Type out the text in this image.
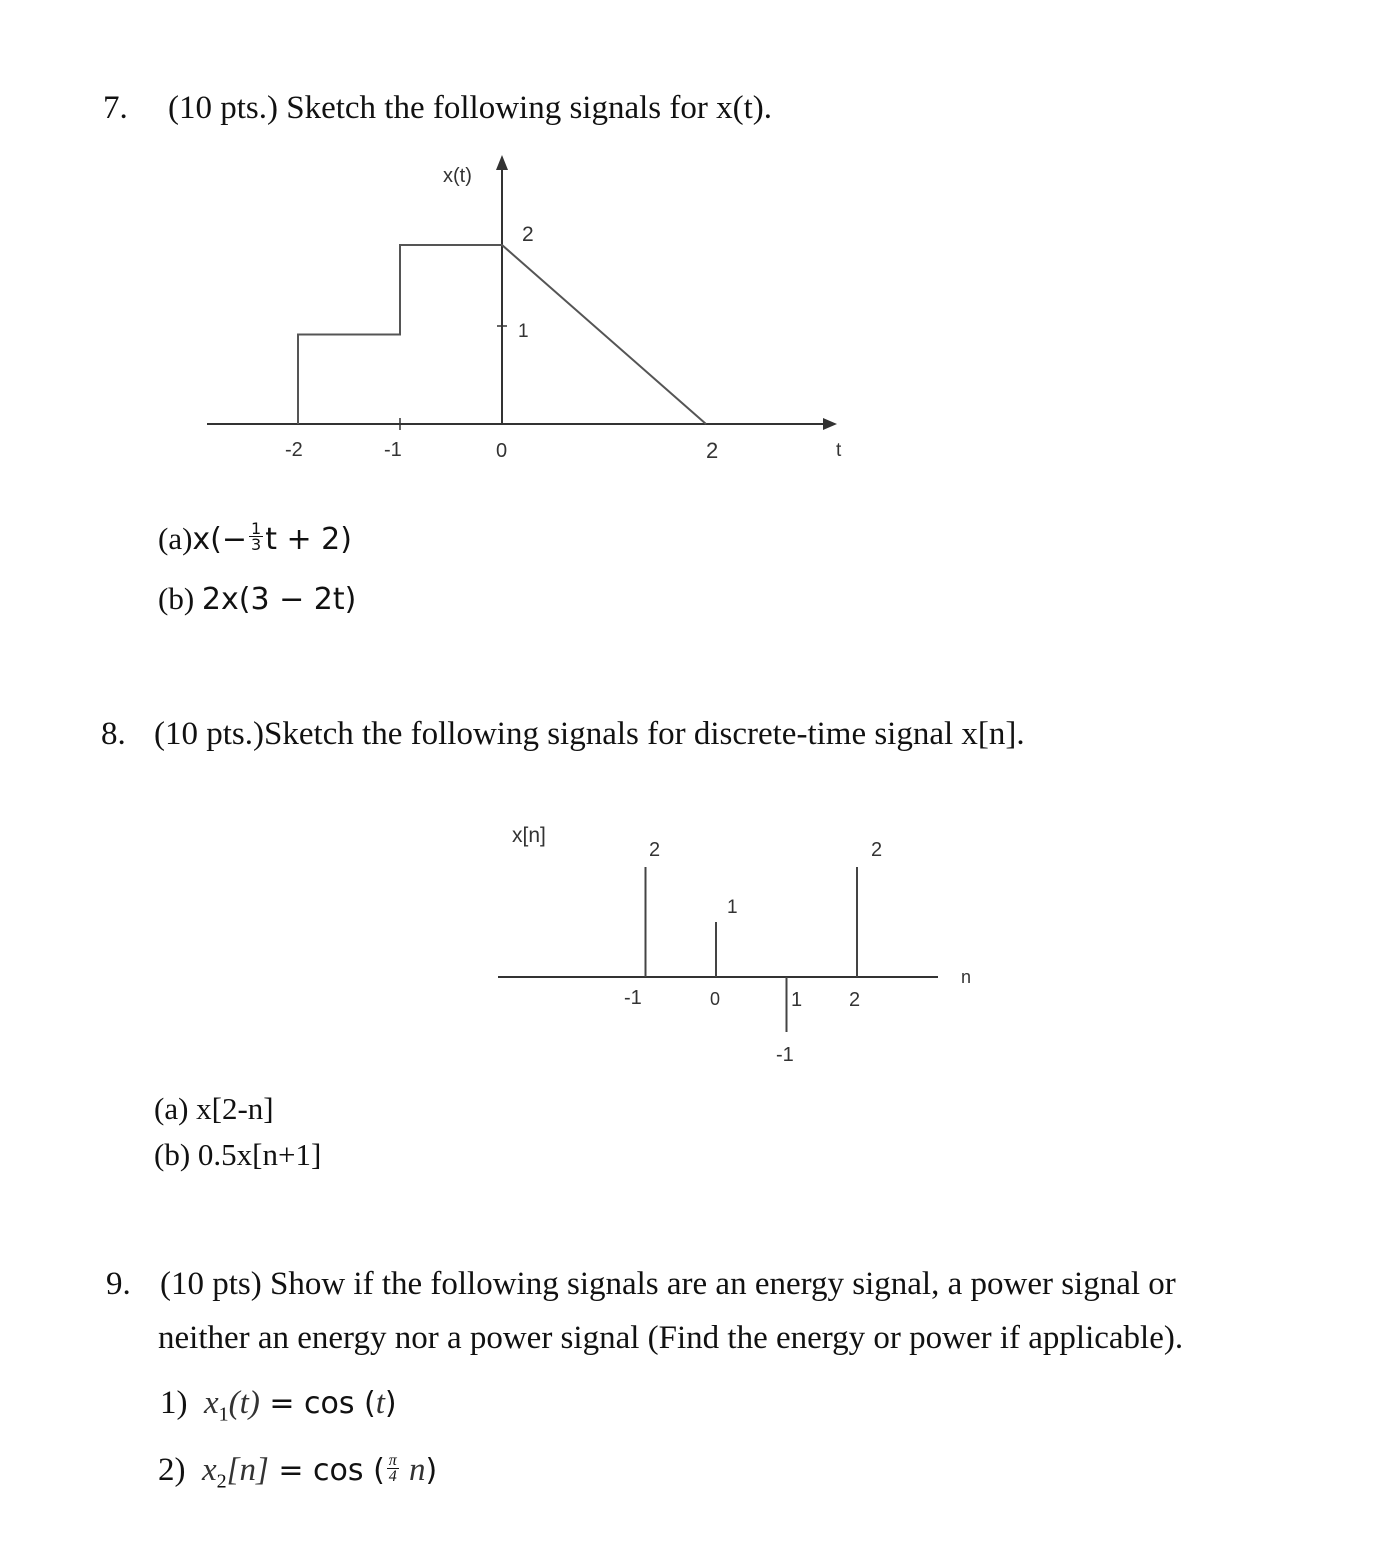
7. (10 pts.) Sketch the following signals for x(t).
x(t)
t
2
1
-2	-1	0	2
$(a)x(- \frac{1}{3}$ t + 2)
(b) 2x(3 − 2t)
8. (10 pts.)Sketch the following signals for discrete-time signal x[n].
x[n]
n
2
1
-1
2
-1	0	1 2
(a) x[2-n]
(b) 0.5x[n+1]
9. (10 pts) Show if the following signals are an energy signal, a power signal or
neither an energy nor a power signal (Find the energy or power if applicable).
1) $x_1(t) = \cos (t)$
2) $x_2[n] = \cos$ ( $\frac{\pi}{4} n$)
